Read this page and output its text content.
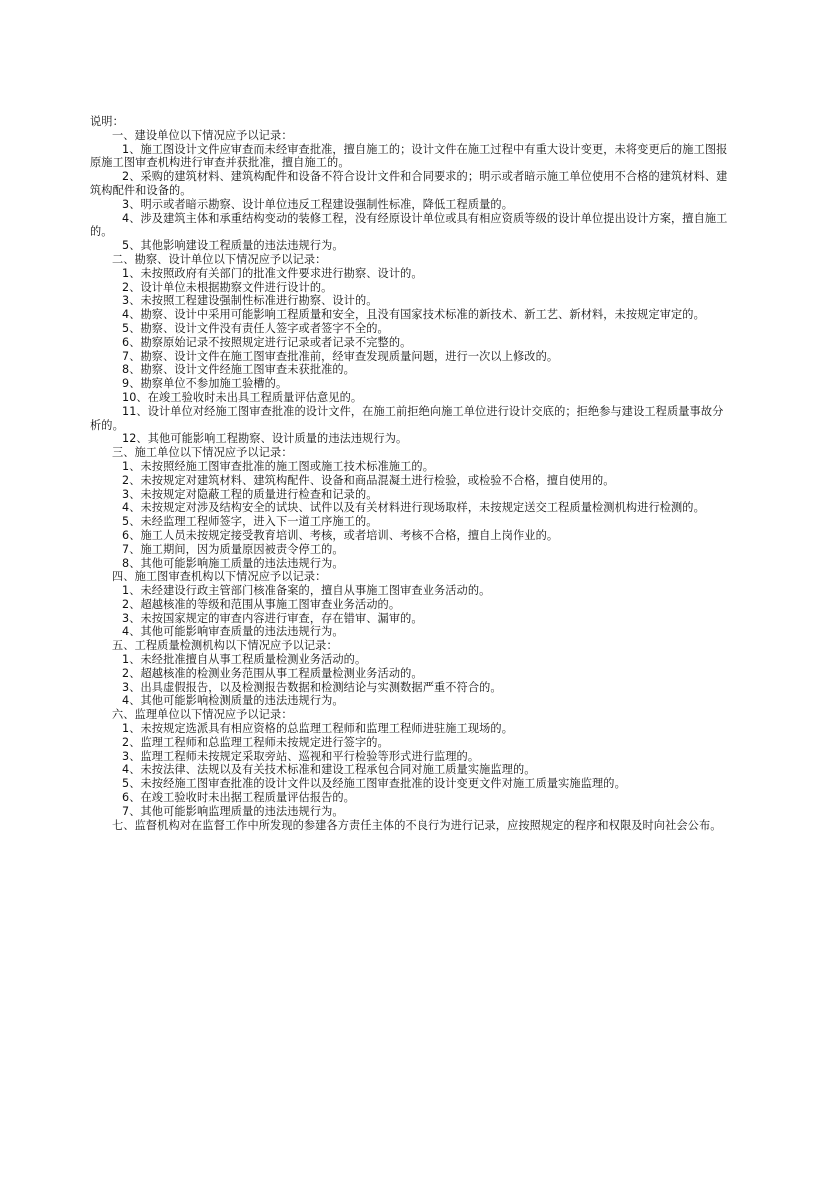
说明：

一、建设单位以下情况应予以记录：

1、施工图设计文件应审查而未经审查批准，擅自施工的；设计文件在施工过程中有重大设计变更，未将变更后的施工图报原施工图审查机构进行审查并获批准，擅自施工的。

2、采购的建筑材料、建筑构配件和设备不符合设计文件和合同要求的；明示或者暗示施工单位使用不合格的建筑材料、建筑构配件和设备的。

3、明示或者暗示勘察、设计单位违反工程建设强制性标准，降低工程质量的。

4、涉及建筑主体和承重结构变动的装修工程，没有经原设计单位或具有相应资质等级的设计单位提出设计方案，擅自施工的。

5、其他影响建设工程质量的违法违规行为。

二、勘察、设计单位以下情况应予以记录：

1、未按照政府有关部门的批准文件要求进行勘察、设计的。

2、设计单位未根据勘察文件进行设计的。

3、未按照工程建设强制性标准进行勘察、设计的。

4、勘察、设计中采用可能影响工程质量和安全，且没有国家技术标准的新技术、新工艺、新材料，未按规定审定的。

5、勘察、设计文件没有责任人签字或者签字不全的。

6、勘察原始记录不按照规定进行记录或者记录不完整的。

7、勘察、设计文件在施工图审查批准前，经审查发现质量问题，进行一次以上修改的。

8、勘察、设计文件经施工图审查未获批准的。

9、勘察单位不参加施工验槽的。

10、在竣工验收时未出具工程质量评估意见的。

11、设计单位对经施工图审查批准的设计文件，在施工前拒绝向施工单位进行设计交底的；拒绝参与建设工程质量事故分析的。

12、其他可能影响工程勘察、设计质量的违法违规行为。

三、施工单位以下情况应予以记录：

1、未按照经施工图审查批准的施工图或施工技术标准施工的。

2、未按规定对建筑材料、建筑构配件、设备和商品混凝土进行检验，或检验不合格，擅自使用的。

3、未按规定对隐蔽工程的质量进行检查和记录的。

4、未按规定对涉及结构安全的试块、试件以及有关材料进行现场取样，未按规定送交工程质量检测机构进行检测的。

5、未经监理工程师签字，进入下一道工序施工的。

6、施工人员未按规定接受教育培训、考核，或者培训、考核不合格，擅自上岗作业的。

7、施工期间，因为质量原因被责令停工的。

8、其他可能影响施工质量的违法违规行为。

四、施工图审查机构以下情况应予以记录：

1、未经建设行政主管部门核准备案的，擅自从事施工图审查业务活动的。

2、超越核准的等级和范围从事施工图审查业务活动的。

3、未按国家规定的审查内容进行审查，存在错审、漏审的。

4、其他可能影响审查质量的违法违规行为。

五、工程质量检测机构以下情况应予以记录：

1、未经批准擅自从事工程质量检测业务活动的。

2、超越核准的检测业务范围从事工程质量检测业务活动的。

3、出具虚假报告，以及检测报告数据和检测结论与实测数据严重不符合的。

4、其他可能影响检测质量的违法违规行为。

六、监理单位以下情况应予以记录：

1、未按规定选派具有相应资格的总监理工程师和监理工程师进驻施工现场的。

2、监理工程师和总监理工程师未按规定进行签字的。

3、监理工程师未按规定采取旁站、巡视和平行检验等形式进行监理的。

4、未按法律、法规以及有关技术标准和建设工程承包合同对施工质量实施监理的。

5、未按经施工图审查批准的设计文件以及经施工图审查批准的设计变更文件对施工质量实施监理的。

6、在竣工验收时未出据工程质量评估报告的。

7、其他可能影响监理质量的违法违规行为。

七、监督机构对在监督工作中所发现的参建各方责任主体的不良行为进行记录，应按照规定的程序和权限及时向社会公布。
